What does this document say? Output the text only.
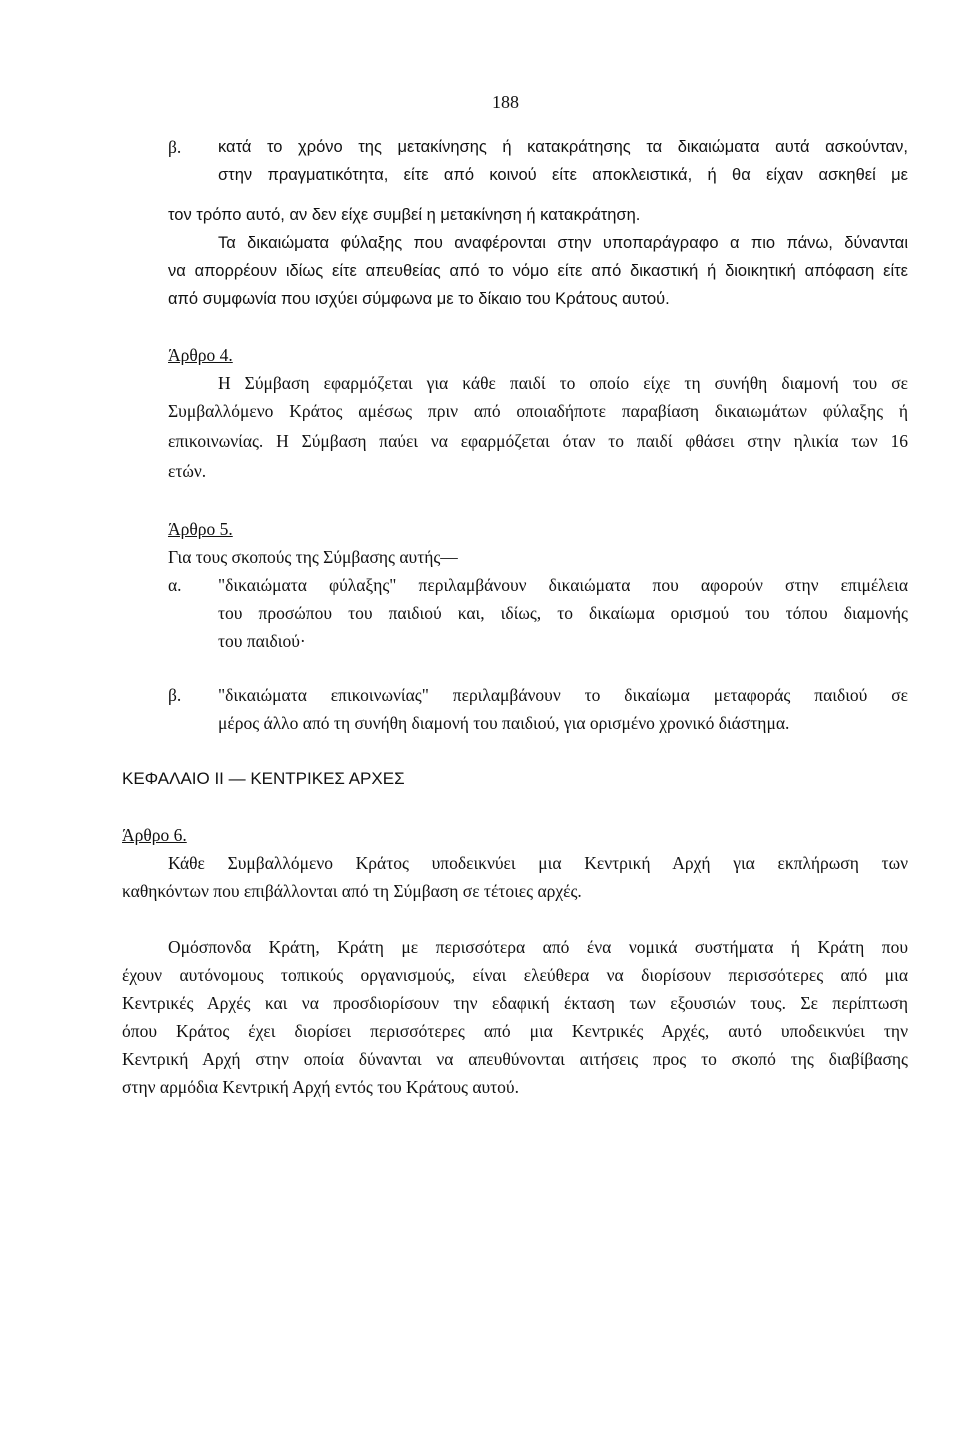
188
β. κατά το χρόνο της μετακίνησης ή κατακράτησης τα δικαιώματα αυτά ασκούνταν,
στην πραγματικότητα, είτε από κοινού είτε αποκλειστικά, ή θα είχαν ασκηθεί με
τον τρόπο αυτό, αν δεν είχε συμβεί η μετακίνηση ή κατακράτηση.
Τα δικαιώματα φύλαξης που αναφέρονται στην υποπαράγραφο α πιο πάνω, δύνανται
να απορρέουν ιδίως είτε απευθείας από το νόμο είτε από δικαστική ή διοικητική απόφαση είτε
από συμφωνία που ισχύει σύμφωνα με το δίκαιο του Κράτους αυτού.
Άρθρο 4.
Η Σύμβαση εφαρμόζεται για κάθε παιδί το οποίο είχε τη συνήθη διαμονή του σε
Συμβαλλόμενο Κράτος αμέσως πριν από οποιαδήποτε παραβίαση δικαιωμάτων φύλαξης ή
επικοινωνίας. Η Σύμβαση παύει να εφαρμόζεται όταν το παιδί φθάσει στην ηλικία των 16
ετών.
Άρθρο 5.
Για τους σκοπούς της Σύμβασης αυτής—
α. "δικαιώματα φύλαξης" περιλαμβάνουν δικαιώματα που αφορούν στην επιμέλεια
του προσώπου του παιδιού και, ιδίως, το δικαίωμα ορισμού του τόπου διαμονής
του παιδιού·
β. "δικαιώματα επικοινωνίας" περιλαμβάνουν το δικαίωμα μεταφοράς παιδιού σε
μέρος άλλο από τη συνήθη διαμονή του παιδιού, για ορισμένο χρονικό διάστημα.
ΚΕΦΑΛΑΙΟ ΙΙ — ΚΕΝΤΡΙΚΕΣ ΑΡΧΕΣ
Άρθρο 6.
Κάθε Συμβαλλόμενο Κράτος υποδεικνύει μια Κεντρική Αρχή για εκπλήρωση των
καθηκόντων που επιβάλλονται από τη Σύμβαση σε τέτοιες αρχές.
Ομόσπονδα Κράτη, Κράτη με περισσότερα από ένα νομικά συστήματα ή Κράτη που
έχουν αυτόνομους τοπικούς οργανισμούς, είναι ελεύθερα να διορίσουν περισσότερες από μια
Κεντρικές Αρχές και να προσδιορίσουν την εδαφική έκταση των εξουσιών τους. Σε περίπτωση
όπου Κράτος έχει διορίσει περισσότερες από μια Κεντρικές Αρχές, αυτό υποδεικνύει την
Κεντρική Αρχή στην οποία δύνανται να απευθύνονται αιτήσεις προς το σκοπό της διαβίβασης
στην αρμόδια Κεντρική Αρχή εντός του Κράτους αυτού.
